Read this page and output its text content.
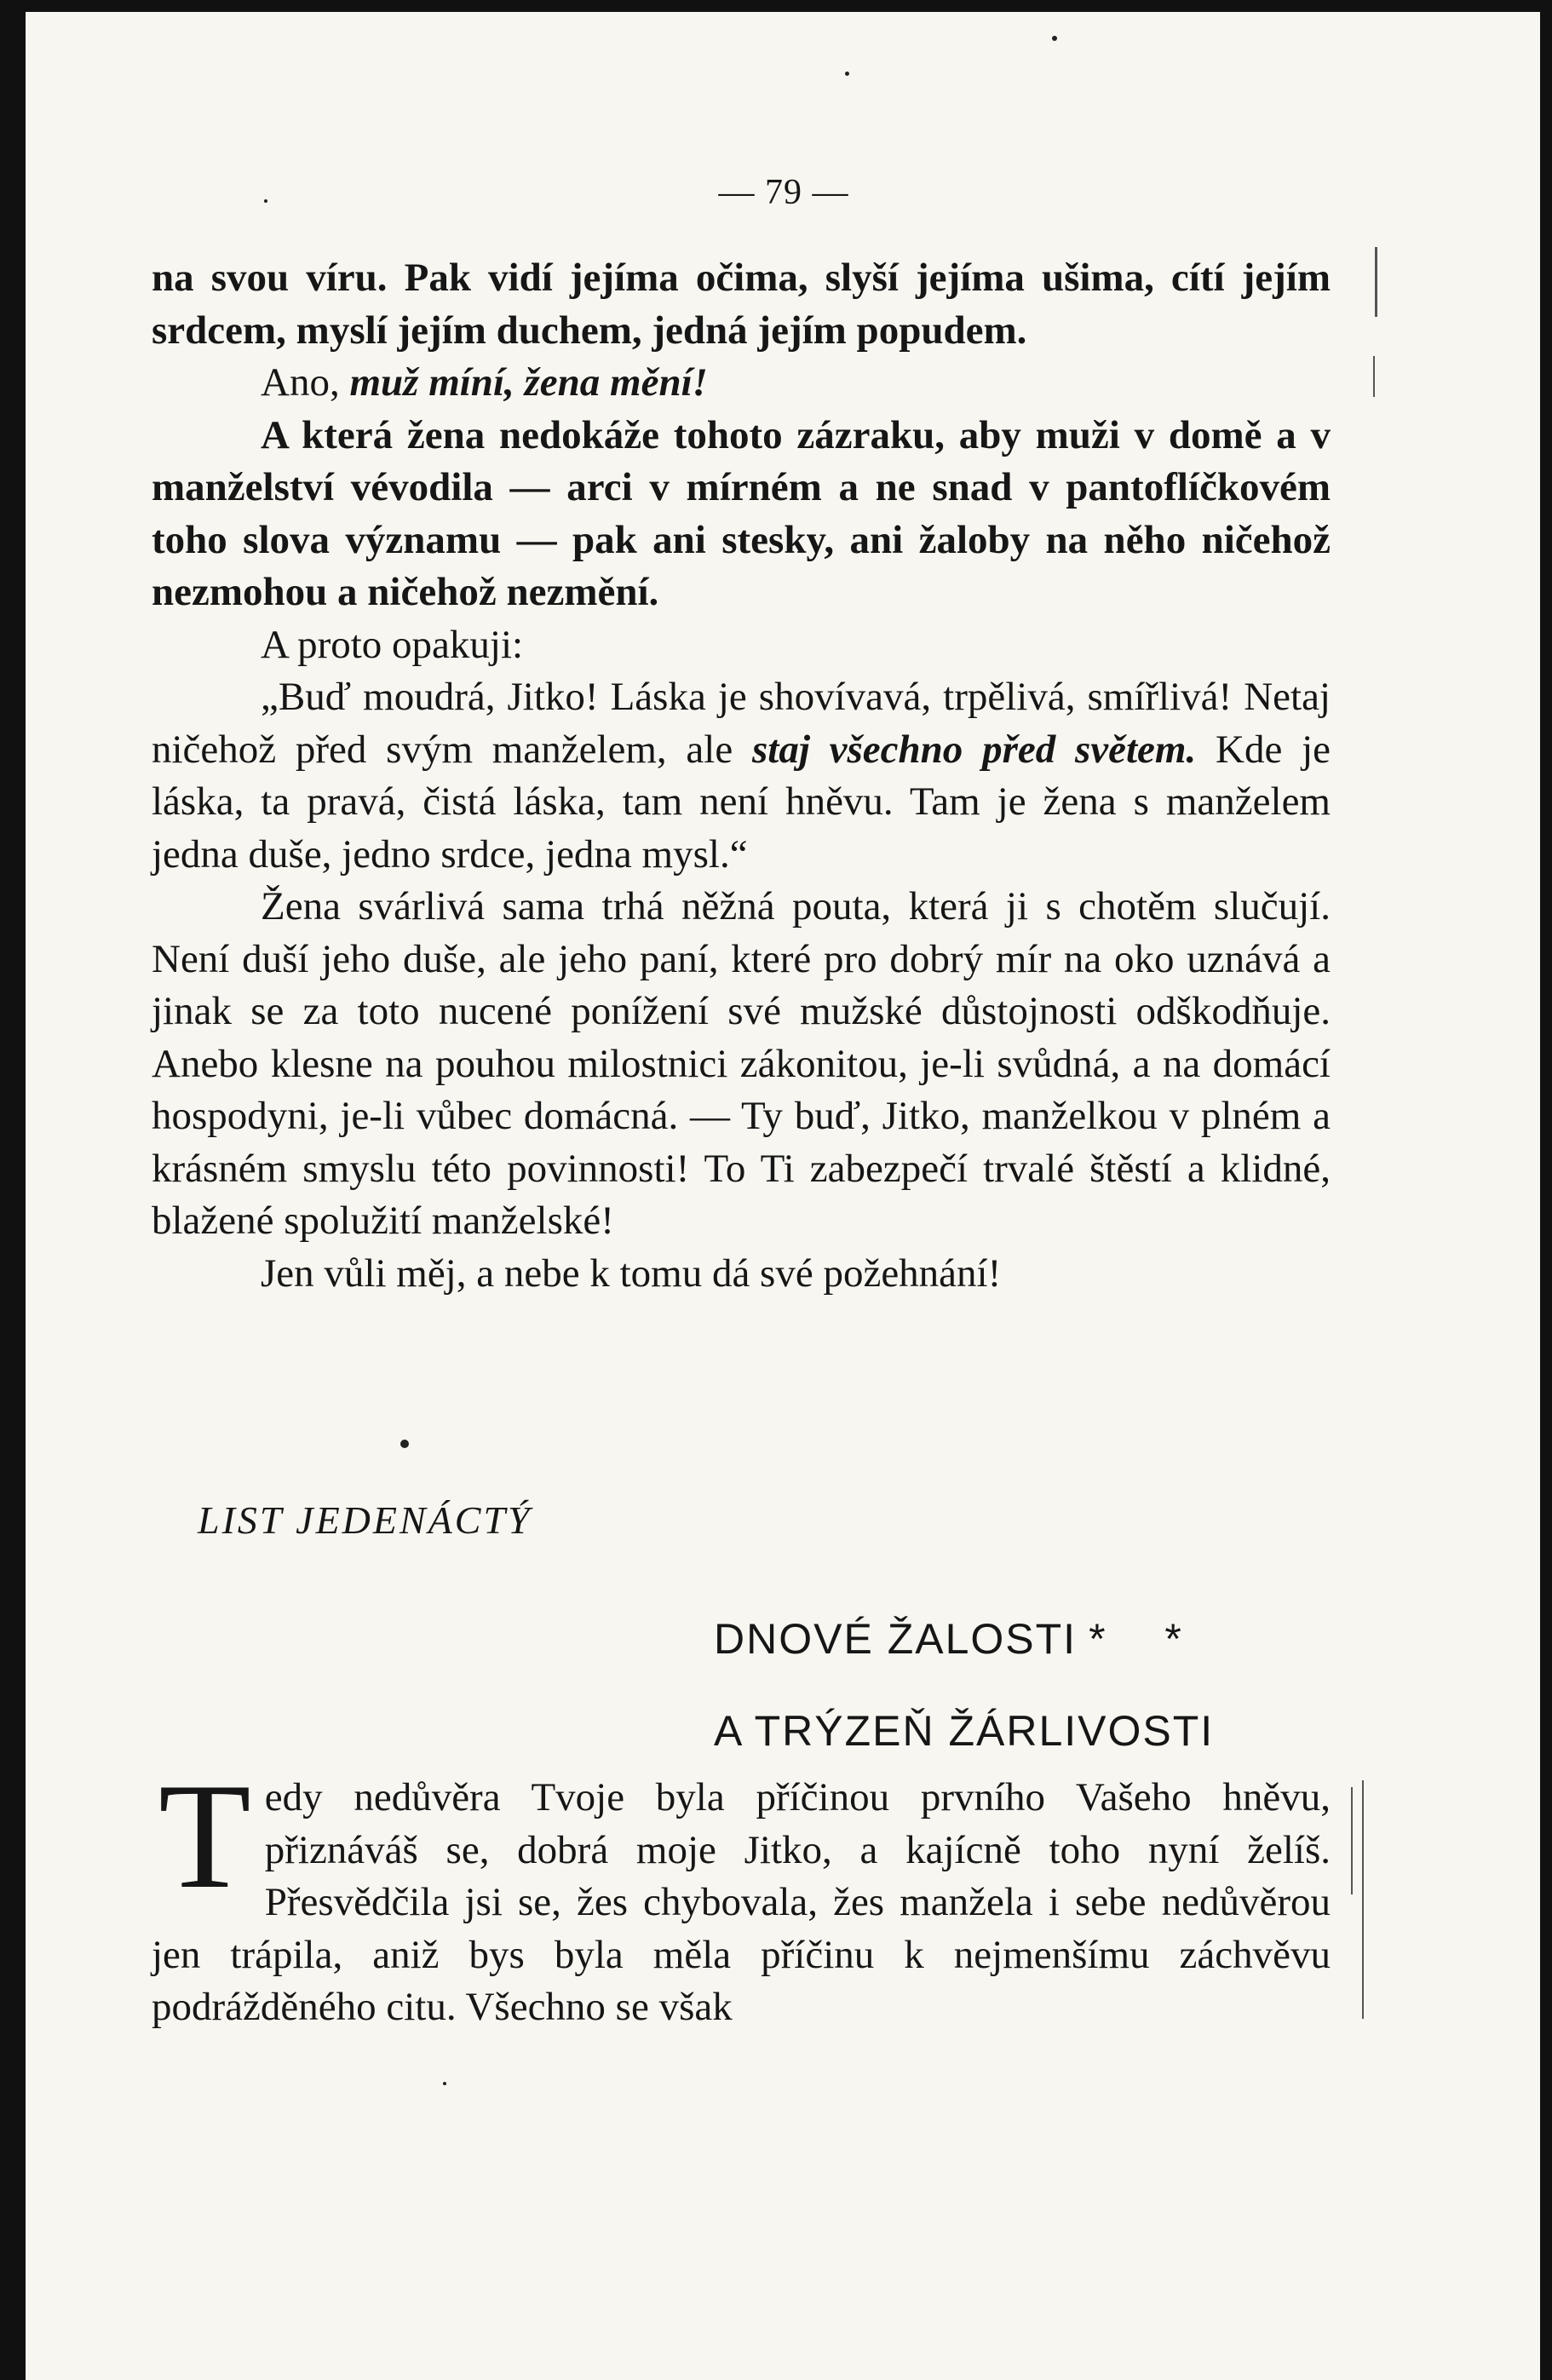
— 79 —

na svou víru. Pak vidí jejíma očima, slyší jejíma ušima, cítí jejím srdcem, myslí jejím duchem, jedná jejím popudem.

Ano, muž míní, žena mění!

A která žena nedokáže tohoto zázraku, aby muži v domě a v manželství vévodila — arci v mírném a ne snad v pantoflíčkovém toho slova významu — pak ani stesky, ani žaloby na něho ničehož nezmohou a ničehož nezmění.

A proto opakuji:

„Buď moudrá, Jitko! Láska je shovívavá, trpělivá, smířlivá! Netaj ničehož před svým manželem, ale staj všechno před světem. Kde je láska, ta pravá, čistá láska, tam není hněvu. Tam je žena s manželem jedna duše, jedno srdce, jedna mysl.“

Žena svárlivá sama trhá něžná pouta, která ji s chotěm slučují. Není duší jeho duše, ale jeho paní, které pro dobrý mír na oko uznává a jinak se za toto nucené ponížení své mužské důstojnosti odškodňuje. Anebo klesne na pouhou milostnici zákonitou, je-li svůdná, a na domácí hospodyni, je-li vůbec domácná. — Ty buď, Jitko, manželkou v plném a krásném smyslu této povinnosti! To Ti zabezpečí trvalé štěstí a klidné, blažené spolužití manželské!

Jen vůli měj, a nebe k tomu dá své požehnání!

LIST JEDENÁCTÝ
DNOVÉ ŽALOSTI * *
A TRÝZEŇ ŽÁRLIVOSTI
T edy nedůvěra Tvoje byla příčinou prvního Vašeho hněvu, přiznáváš se, dobrá moje Jitko, a kajícně toho nyní želíš. Přesvědčila jsi se, žes chybovala, žes manžela i sebe nedůvěrou jen trápila, aniž bys byla měla příčinu k nejmenšímu záchvěvu podrážděného citu. Všechno se však
